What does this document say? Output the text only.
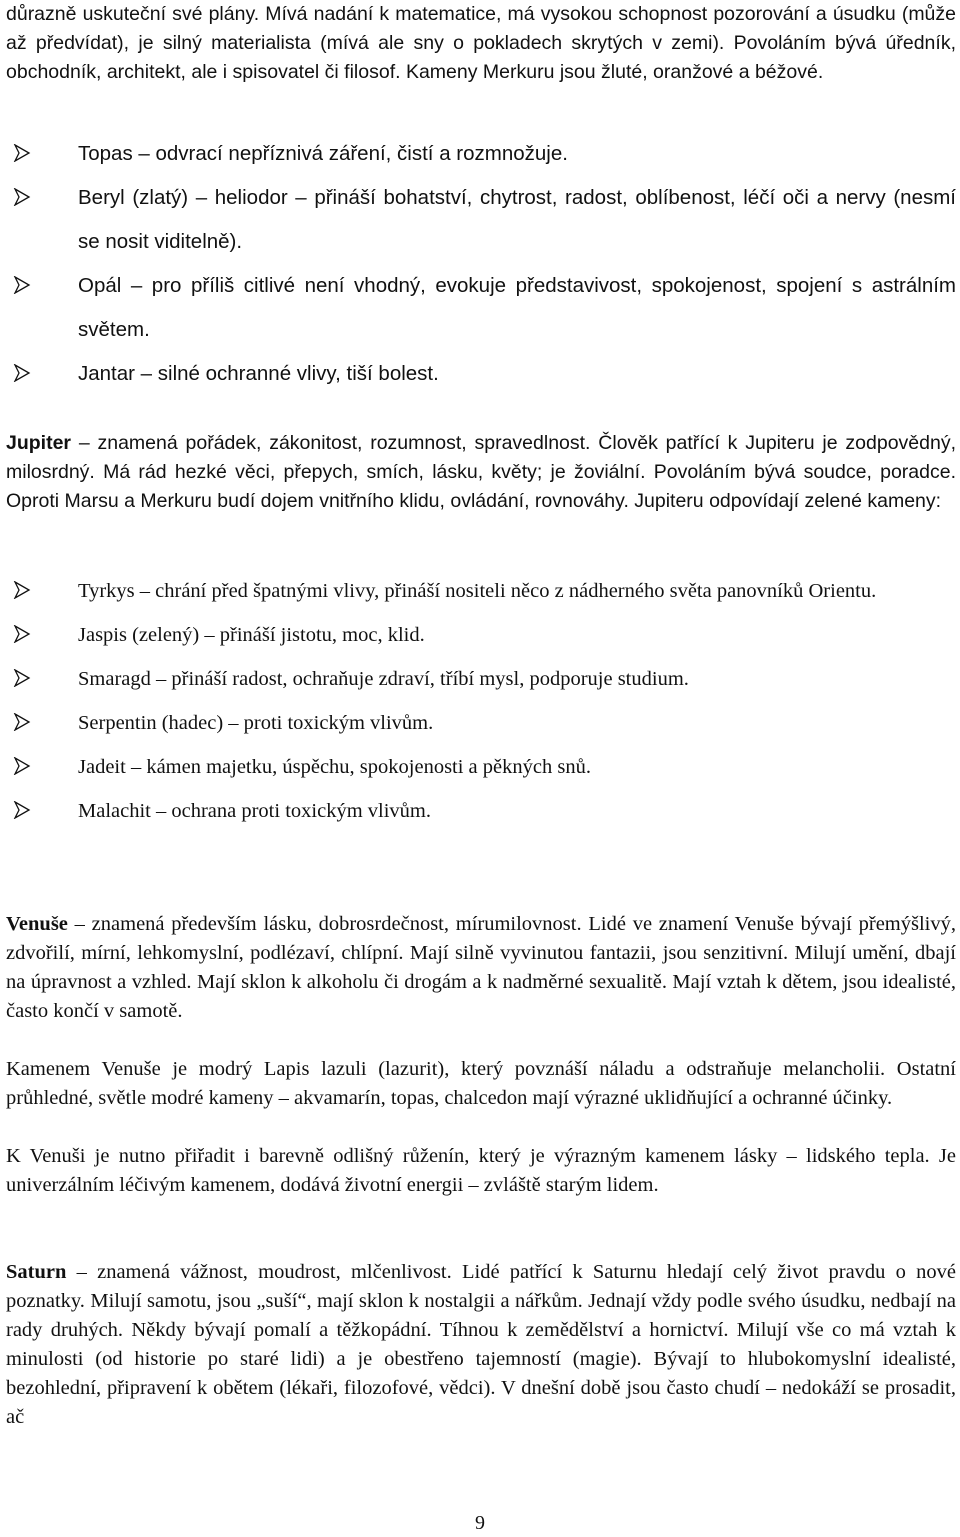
důrazně uskuteční své plány. Mívá nadání k matematice, má vysokou schopnost pozorování a úsudku (může až předvídat), je silný materialista (mívá ale sny o pokladech skrytých v zemi). Povoláním bývá úředník, obchodník, architekt, ale i spisovatel či filosof. Kameny Merkuru jsou žluté, oranžové a béžové.

Topas – odvrací nepříznivá záření, čistí a rozmnožuje.
Beryl (zlatý) – heliodor – přináší bohatství, chytrost, radost, oblíbenost, léčí oči a nervy (nesmí se nosit viditelně).
Opál – pro příliš citlivé není vhodný, evokuje představivost, spokojenost, spojení s astrálním světem.
Jantar – silné ochranné vlivy, tiší bolest.

Jupiter – znamená pořádek, zákonitost, rozumnost, spravedlnost. Člověk patřící k Jupiteru je zodpovědný, milosrdný. Má rád hezké věci, přepych, smích, lásku, květy; je žoviální. Povoláním bývá soudce, poradce. Oproti Marsu a Merkuru budí dojem vnitřního klidu, ovládání, rovnováhy. Jupiteru odpovídají zelené kameny:

Tyrkys – chrání před špatnými vlivy, přináší nositeli něco z nádherného světa panovníků Orientu.
Jaspis (zelený) – přináší jistotu, moc, klid.
Smaragd – přináší radost, ochraňuje zdraví, tříbí mysl, podporuje studium.
Serpentin (hadec) – proti toxickým vlivům.
Jadeit – kámen majetku, úspěchu, spokojenosti a pěkných snů.
Malachit – ochrana proti toxickým vlivům.

Venuše – znamená především lásku, dobrosrdečnost, mírumilovnost. Lidé ve znamení Venuše bývají přemýšlivý, zdvořilí, mírní, lehkomyslní, podlézaví, chlípní. Mají silně vyvinutou fantazii, jsou senzitivní. Milují umění, dbají na úpravnost a vzhled. Mají sklon k alkoholu či drogám a k nadměrné sexualitě. Mají vztah k dětem, jsou idealisté, často končí v samotě.

Kamenem Venuše je modrý Lapis lazuli (lazurit), který povznáší náladu a odstraňuje melancholii. Ostatní průhledné, světle modré kameny – akvamarín, topas, chalcedon mají výrazné uklidňující a ochranné účinky.

K Venuši je nutno přiřadit i barevně odlišný růženín, který je výrazným kamenem lásky – lidského tepla. Je univerzálním léčivým kamenem, dodává životní energii – zvláště starým lidem.

Saturn – znamená vážnost, moudrost, mlčenlivost. Lidé patřící k Saturnu hledají celý život pravdu o nové poznatky. Milují samotu, jsou „suší“, mají sklon k nostalgii a nářkům. Jednají vždy podle svého úsudku, nedbají na rady druhých. Někdy bývají pomalí a těžkopádní. Tíhnou k zemědělství a hornictví. Milují vše co má vztah k minulosti (od historie po staré lidi) a je obestřeno tajemností (magie). Bývají to hlubokomyslní idealisté, bezohlední, připravení k obětem (lékaři, filozofové, vědci). V dnešní době jsou často chudí – nedokáží se prosadit, ač

9
